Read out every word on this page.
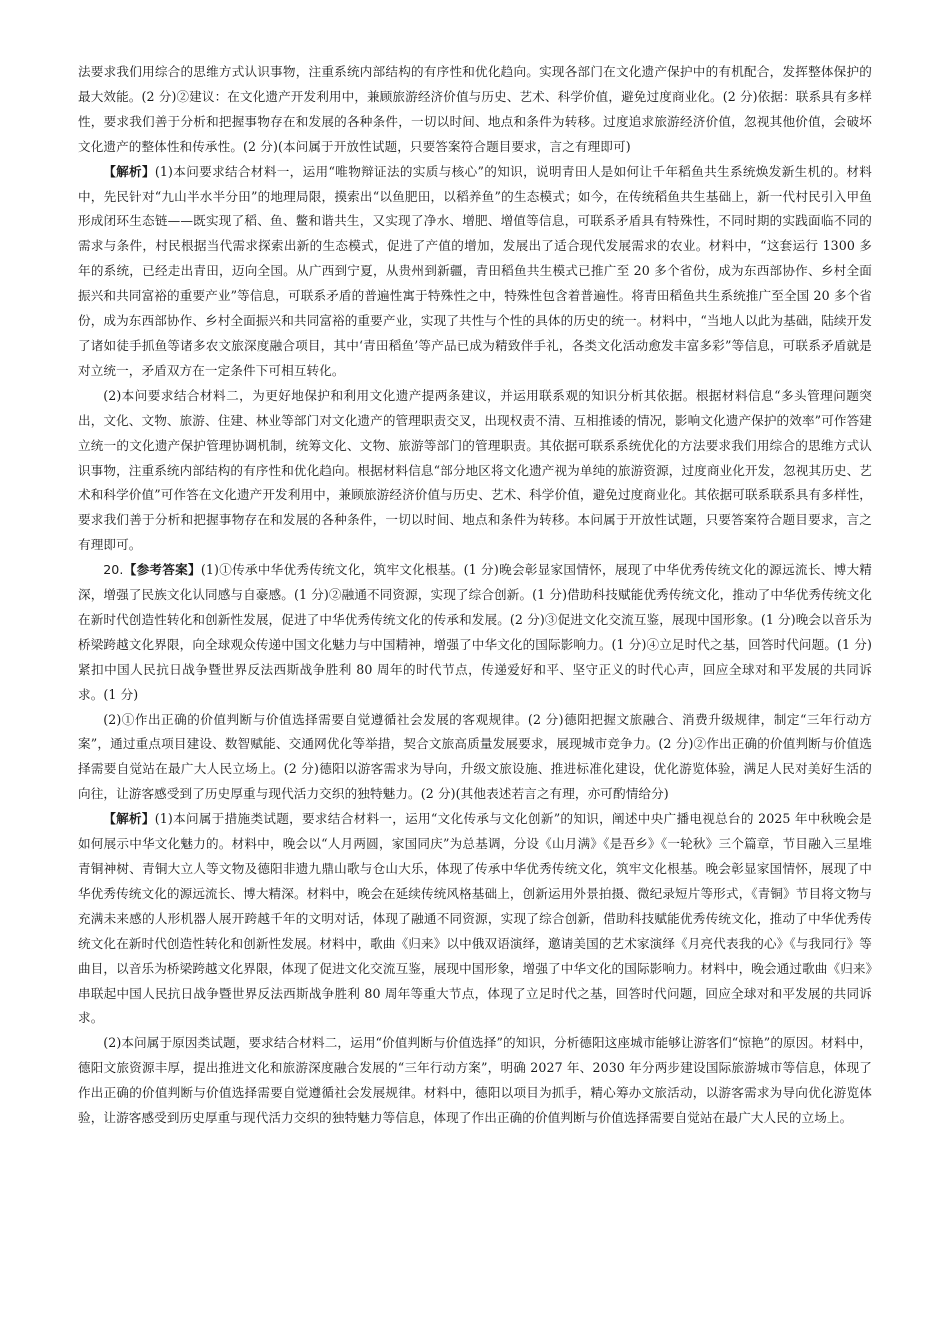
法要求我们用综合的思维方式认识事物，注重系统内部结构的有序性和优化趋向。实现各部门在文化遗产保护中的有机配合，发挥整体保护的最大效能。(2 分)②建议：在文化遗产开发利用中，兼顾旅游经济价值与历史、艺术、科学价值，避免过度商业化。(2 分)依据：联系具有多样性，要求我们善于分析和把握事物存在和发展的各种条件，一切以时间、地点和条件为转移。过度追求旅游经济价值，忽视其他价值，会破坏文化遗产的整体性和传承性。(2 分)(本问属于开放性试题，只要答案符合题目要求，言之有理即可)

【解析】(1)本问要求结合材料一，运用“唯物辩证法的实质与核心”的知识，说明青田人是如何让千年稻鱼共生系统焕发新生机的。材料中，先民针对“九山半水半分田”的地理局限，摸索出“以鱼肥田，以稻养鱼”的生态模式；如今，在传统稻鱼共生基础上，新一代村民引入甲鱼形成闭环生态链——既实现了稻、鱼、鳖和谐共生，又实现了净水、增肥、增值等信息，可联系矛盾具有特殊性，不同时期的实践面临不同的需求与条件，村民根据当代需求探索出新的生态模式，促进了产值的增加，发展出了适合现代发展需求的农业。材料中，“这套运行 1300 多年的系统，已经走出青田，迈向全国。从广西到宁夏，从贵州到新疆，青田稻鱼共生模式已推广至 20 多个省份，成为东西部协作、乡村全面振兴和共同富裕的重要产业”等信息，可联系矛盾的普遍性寓于特殊性之中，特殊性包含着普遍性。将青田稻鱼共生系统推广至全国 20 多个省份，成为东西部协作、乡村全面振兴和共同富裕的重要产业，实现了共性与个性的具体的历史的统一。材料中，“当地人以此为基础，陆续开发了诸如徒手抓鱼等诸多农文旅深度融合项目，其中‘青田稻鱼’等产品已成为精致伴手礼，各类文化活动愈发丰富多彩”等信息，可联系矛盾就是对立统一，矛盾双方在一定条件下可相互转化。

(2)本问要求结合材料二，为更好地保护和利用文化遗产提两条建议，并运用联系观的知识分析其依据。根据材料信息“多头管理问题突出，文化、文物、旅游、住建、林业等部门对文化遗产的管理职责交叉，出现权责不清、互相推诿的情况，影响文化遗产保护的效率”可作答建立统一的文化遗产保护管理协调机制，统筹文化、文物、旅游等部门的管理职责。其依据可联系系统优化的方法要求我们用综合的思维方式认识事物，注重系统内部结构的有序性和优化趋向。根据材料信息“部分地区将文化遗产视为单纯的旅游资源，过度商业化开发，忽视其历史、艺术和科学价值”可作答在文化遗产开发利用中，兼顾旅游经济价值与历史、艺术、科学价值，避免过度商业化。其依据可联系联系具有多样性，要求我们善于分析和把握事物存在和发展的各种条件，一切以时间、地点和条件为转移。本问属于开放性试题，只要答案符合题目要求，言之有理即可。

20.【参考答案】(1)①传承中华优秀传统文化，筑牢文化根基。(1 分)晚会彰显家国情怀，展现了中华优秀传统文化的源远流长、博大精深，增强了民族文化认同感与自豪感。(1 分)②融通不同资源，实现了综合创新。(1 分)借助科技赋能优秀传统文化，推动了中华优秀传统文化在新时代创造性转化和创新性发展，促进了中华优秀传统文化的传承和发展。(2 分)③促进文化交流互鉴，展现中国形象。(1 分)晚会以音乐为桥梁跨越文化界限，向全球观众传递中国文化魅力与中国精神，增强了中华文化的国际影响力。(1 分)④立足时代之基，回答时代问题。(1 分)紧扣中国人民抗日战争暨世界反法西斯战争胜利 80 周年的时代节点，传递爱好和平、坚守正义的时代心声，回应全球对和平发展的共同诉求。(1 分)

(2)①作出正确的价值判断与价值选择需要自觉遵循社会发展的客观规律。(2 分)德阳把握文旅融合、消费升级规律，制定“三年行动方案”，通过重点项目建设、数智赋能、交通网优化等举措，契合文旅高质量发展要求，展现城市竞争力。(2 分)②作出正确的价值判断与价值选择需要自觉站在最广大人民立场上。(2 分)德阳以游客需求为导向，升级文旅设施、推进标准化建设，优化游览体验，满足人民对美好生活的向往，让游客感受到了历史厚重与现代活力交织的独特魅力。(2 分)(其他表述若言之有理，亦可酌情给分)

【解析】(1)本问属于措施类试题，要求结合材料一，运用“文化传承与文化创新”的知识，阐述中央广播电视总台的 2025 年中秋晚会是如何展示中华文化魅力的。材料中，晚会以“人月两圆，家国同庆”为总基调，分设《山月满》《是吾乡》《一轮秋》三个篇章，节目融入三星堆青铜神树、青铜大立人等文物及德阳非遗九鼎山歌与仓山大乐，体现了传承中华优秀传统文化，筑牢文化根基。晚会彰显家国情怀，展现了中华优秀传统文化的源远流长、博大精深。材料中，晚会在延续传统风格基础上，创新运用外景拍摄、微纪录短片等形式，《青铜》节目将文物与充满未来感的人形机器人展开跨越千年的文明对话，体现了融通不同资源，实现了综合创新，借助科技赋能优秀传统文化，推动了中华优秀传统文化在新时代创造性转化和创新性发展。材料中，歌曲《归来》以中俄双语演绎，邀请美国的艺术家演绎《月亮代表我的心》《与我同行》等曲目，以音乐为桥梁跨越文化界限，体现了促进文化交流互鉴，展现中国形象，增强了中华文化的国际影响力。材料中，晚会通过歌曲《归来》串联起中国人民抗日战争暨世界反法西斯战争胜利 80 周年等重大节点，体现了立足时代之基，回答时代问题，回应全球对和平发展的共同诉求。

(2)本问属于原因类试题，要求结合材料二，运用“价值判断与价值选择”的知识，分析德阳这座城市能够让游客们“惊艳”的原因。材料中，德阳文旅资源丰厚，提出推进文化和旅游深度融合发展的“三年行动方案”，明确 2027 年、2030 年分两步建设国际旅游城市等信息，体现了作出正确的价值判断与价值选择需要自觉遵循社会发展规律。材料中，德阳以项目为抓手，精心筹办文旅活动，以游客需求为导向优化游览体验，让游客感受到历史厚重与现代活力交织的独特魅力等信息，体现了作出正确的价值判断与价值选择需要自觉站在最广大人民的立场上。
